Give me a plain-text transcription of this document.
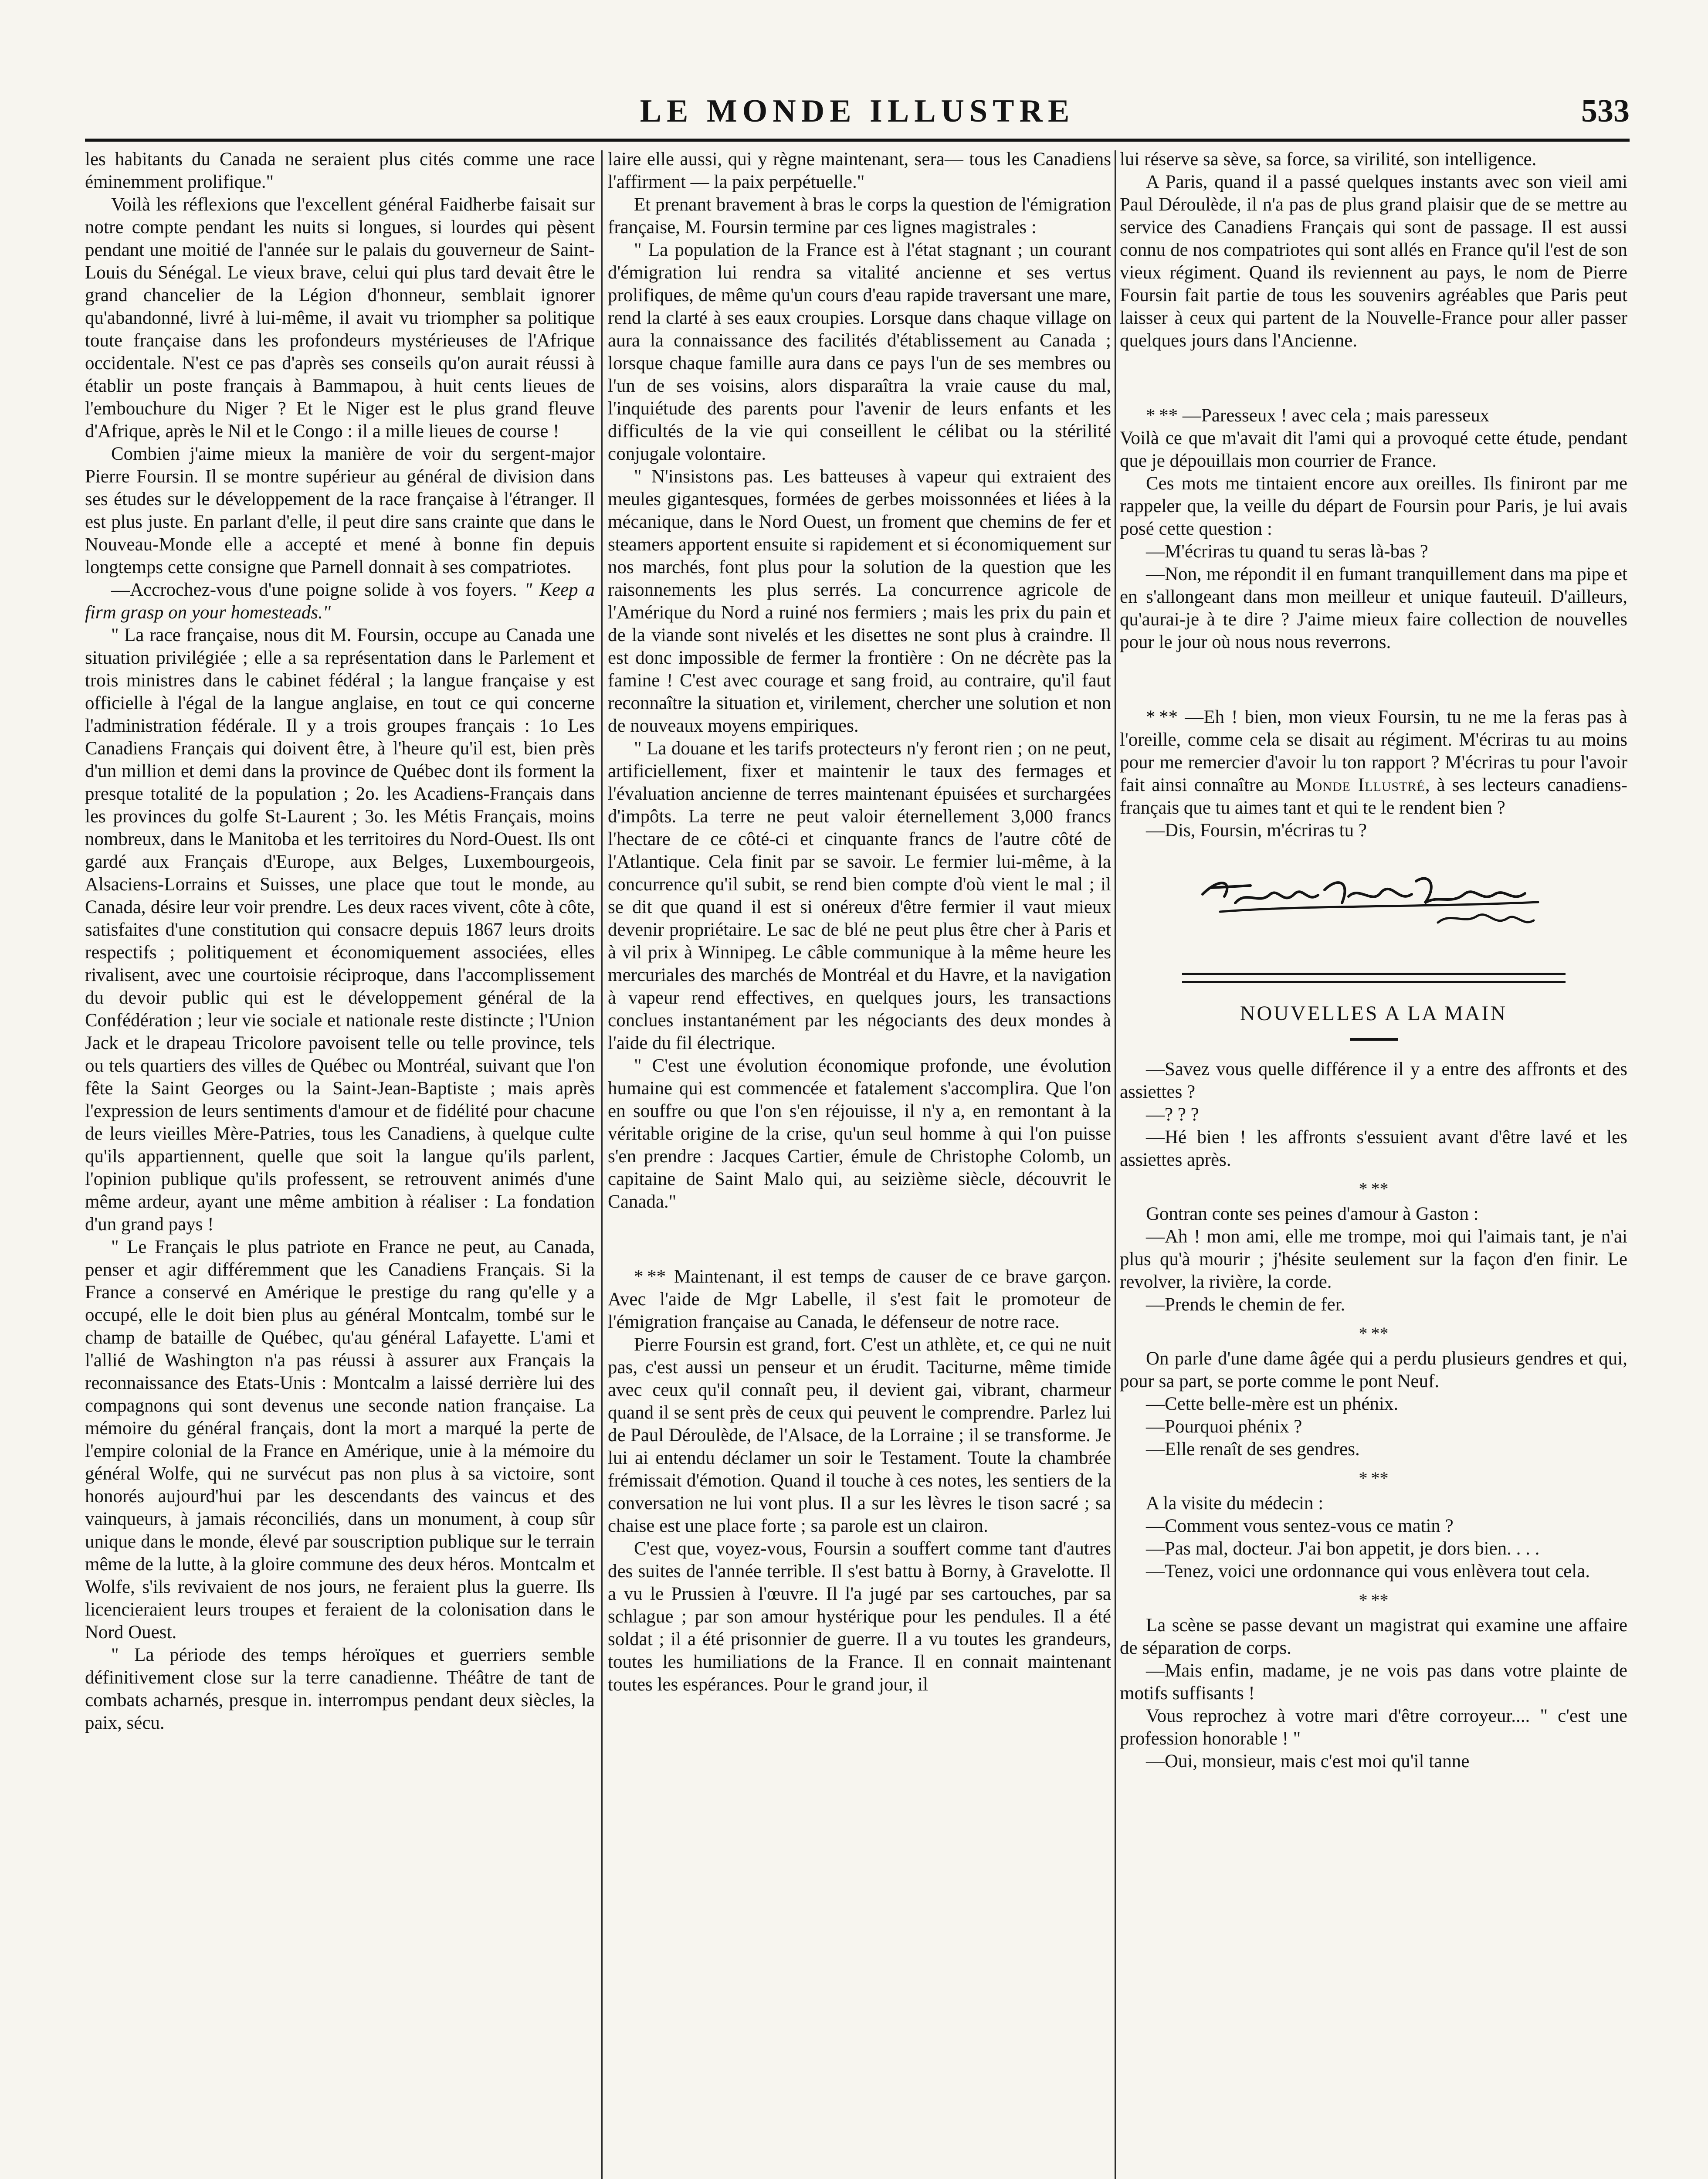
LE MONDE ILLUSTRE	533

les habitants du Canada ne seraient plus cités comme une race éminemment prolifique."

Voilà les réflexions que l'excellent général Faidherbe faisait sur notre compte pendant les nuits si longues, si lourdes qui pèsent pendant une moitié de l'année sur le palais du gouverneur de Saint-Louis du Sénégal. Le vieux brave, celui qui plus tard devait être le grand chancelier de la Légion d'honneur, semblait ignorer qu'abandonné, livré à lui-même, il avait vu triompher sa politique toute française dans les profondeurs mystérieuses de l'Afrique occidentale. N'est ce pas d'après ses conseils qu'on aurait réussi à établir un poste français à Bammapou, à huit cents lieues de l'embouchure du Niger ? Et le Niger est le plus grand fleuve d'Afrique, après le Nil et le Congo : il a mille lieues de course !

Combien j'aime mieux la manière de voir du sergent-major Pierre Foursin. Il se montre supérieur au général de division dans ses études sur le développement de la race française à l'étranger. Il est plus juste. En parlant d'elle, il peut dire sans crainte que dans le Nouveau-Monde elle a accepté et mené à bonne fin depuis longtemps cette consigne que Parnell donnait à ses compatriotes.

—Accrochez-vous d'une poigne solide à vos foyers. " Keep a firm grasp on your homesteads."

" La race française, nous dit M. Foursin, occupe au Canada une situation privilégiée ; elle a sa représentation dans le Parlement et trois ministres dans le cabinet fédéral ; la langue française y est officielle à l'égal de la langue anglaise, en tout ce qui concerne l'administration fédérale. Il y a trois groupes français : 1o Les Canadiens Français qui doivent être, à l'heure qu'il est, bien près d'un million et demi dans la province de Québec dont ils forment la presque totalité de la population ; 2o. les Acadiens-Français dans les provinces du golfe St-Laurent ; 3o. les Métis Français, moins nombreux, dans le Manitoba et les territoires du Nord-Ouest. Ils ont gardé aux Français d'Europe, aux Belges, Luxembourgeois, Alsaciens-Lorrains et Suisses, une place que tout le monde, au Canada, désire leur voir prendre. Les deux races vivent, côte à côte, satisfaites d'une constitution qui consacre depuis 1867 leurs droits respectifs ; politiquement et économiquement associées, elles rivalisent, avec une courtoisie réciproque, dans l'accomplissement du devoir public qui est le développement général de la Confédération ; leur vie sociale et nationale reste distincte ; l'Union Jack et le drapeau Tricolore pavoisent telle ou telle province, tels ou tels quartiers des villes de Québec ou Montréal, suivant que l'on fête la Saint Georges ou la Saint-Jean-Baptiste ; mais après l'expression de leurs sentiments d'amour et de fidélité pour chacune de leurs vieilles Mère-Patries, tous les Canadiens, à quelque culte qu'ils appartiennent, quelle que soit la langue qu'ils parlent, l'opinion publique qu'ils professent, se retrouvent animés d'une même ardeur, ayant une même ambition à réaliser : La fondation d'un grand pays !

" Le Français le plus patriote en France ne peut, au Canada, penser et agir différemment que les Canadiens Français. Si la France a conservé en Amérique le prestige du rang qu'elle y a occupé, elle le doit bien plus au général Montcalm, tombé sur le champ de bataille de Québec, qu'au général Lafayette. L'ami et l'allié de Washington n'a pas réussi à assurer aux Français la reconnaissance des Etats-Unis : Montcalm a laissé derrière lui des compagnons qui sont devenus une seconde nation française. La mémoire du général français, dont la mort a marqué la perte de l'empire colonial de la France en Amérique, unie à la mémoire du général Wolfe, qui ne survécut pas non plus à sa victoire, sont honorés aujourd'hui par les descendants des vaincus et des vainqueurs, à jamais réconciliés, dans un monument, à coup sûr unique dans le monde, élevé par souscription publique sur le terrain même de la lutte, à la gloire commune des deux héros. Montcalm et Wolfe, s'ils revivaient de nos jours, ne feraient plus la guerre. Ils licencieraient leurs troupes et feraient de la colonisation dans le Nord Ouest.

" La période des temps héroïques et guerriers semble définitivement close sur la terre canadienne. Théâtre de tant de combats acharnés, presque in. interrompus pendant deux siècles, la paix, sécu.

laire elle aussi, qui y règne maintenant, sera— tous les Canadiens l'affirment — la paix perpétuelle."

Et prenant bravement à bras le corps la question de l'émigration française, M. Foursin termine par ces lignes magistrales :

" La population de la France est à l'état stagnant ; un courant d'émigration lui rendra sa vitalité ancienne et ses vertus prolifiques, de même qu'un cours d'eau rapide traversant une mare, rend la clarté à ses eaux croupies. Lorsque dans chaque village on aura la connaissance des facilités d'établissement au Canada ; lorsque chaque famille aura dans ce pays l'un de ses membres ou l'un de ses voisins, alors disparaîtra la vraie cause du mal, l'inquiétude des parents pour l'avenir de leurs enfants et les difficultés de la vie qui conseillent le célibat ou la stérilité conjugale volontaire.

" N'insistons pas. Les batteuses à vapeur qui extraient des meules gigantesques, formées de gerbes moissonnées et liées à la mécanique, dans le Nord Ouest, un froment que chemins de fer et steamers apportent ensuite si rapidement et si économiquement sur nos marchés, font plus pour la solution de la question que les raisonnements les plus serrés. La concurrence agricole de l'Amérique du Nord a ruiné nos fermiers ; mais les prix du pain et de la viande sont nivelés et les disettes ne sont plus à craindre. Il est donc impossible de fermer la frontière : On ne décrète pas la famine ! C'est avec courage et sang froid, au contraire, qu'il faut reconnaître la situation et, virilement, chercher une solution et non de nouveaux moyens empiriques.

" La douane et les tarifs protecteurs n'y feront rien ; on ne peut, artificiellement, fixer et maintenir le taux des fermages et l'évaluation ancienne de terres maintenant épuisées et surchargées d'impôts. La terre ne peut valoir éternellement 3,000 francs l'hectare de ce côté-ci et cinquante francs de l'autre côté de l'Atlantique. Cela finit par se savoir. Le fermier lui-même, à la concurrence qu'il subit, se rend bien compte d'où vient le mal ; il se dit que quand il est si onéreux d'être fermier il vaut mieux devenir propriétaire. Le sac de blé ne peut plus être cher à Paris et à vil prix à Winnipeg. Le câble communique à la même heure les mercuriales des marchés de Montréal et du Havre, et la navigation à vapeur rend effectives, en quelques jours, les transactions conclues instantanément par les négociants des deux mondes à l'aide du fil électrique.

" C'est une évolution économique profonde, une évolution humaine qui est commencée et fatalement s'accomplira. Que l'on en souffre ou que l'on s'en réjouisse, il n'y a, en remontant à la véritable origine de la crise, qu'un seul homme à qui l'on puisse s'en prendre : Jacques Cartier, émule de Christophe Colomb, un capitaine de Saint Malo qui, au seizième siècle, découvrit le Canada."

* ** Maintenant, il est temps de causer de ce brave garçon. Avec l'aide de Mgr Labelle, il s'est fait le promoteur de l'émigration française au Canada, le défenseur de notre race.

Pierre Foursin est grand, fort. C'est un athlète, et, ce qui ne nuit pas, c'est aussi un penseur et un érudit. Taciturne, même timide avec ceux qu'il connaît peu, il devient gai, vibrant, charmeur quand il se sent près de ceux qui peuvent le comprendre. Parlez lui de Paul Déroulède, de l'Alsace, de la Lorraine ; il se transforme. Je lui ai entendu déclamer un soir le Testament. Toute la chambrée frémissait d'émotion. Quand il touche à ces notes, les sentiers de la conversation ne lui vont plus. Il a sur les lèvres le tison sacré ; sa chaise est une place forte ; sa parole est un clairon.

C'est que, voyez-vous, Foursin a souffert comme tant d'autres des suites de l'année terrible. Il s'est battu à Borny, à Gravelotte. Il a vu le Prussien à l'œuvre. Il l'a jugé par ses cartouches, par sa schlague ; par son amour hystérique pour les pendules. Il a été soldat ; il a été prisonnier de guerre. Il a vu toutes les grandeurs, toutes les humiliations de la France. Il en connait maintenant toutes les espérances. Pour le grand jour, il

lui réserve sa sève, sa force, sa virilité, son intelligence.

A Paris, quand il a passé quelques instants avec son vieil ami Paul Déroulède, il n'a pas de plus grand plaisir que de se mettre au service des Canadiens Français qui sont de passage. Il est aussi connu de nos compatriotes qui sont allés en France qu'il l'est de son vieux régiment. Quand ils reviennent au pays, le nom de Pierre Foursin fait partie de tous les souvenirs agréables que Paris peut laisser à ceux qui partent de la Nouvelle-France pour aller passer quelques jours dans l'Ancienne.

* ** —Paresseux ! avec cela ; mais paresseux

Voilà ce que m'avait dit l'ami qui a provoqué cette étude, pendant que je dépouillais mon courrier de France.

Ces mots me tintaient encore aux oreilles. Ils finiront par me rappeler que, la veille du départ de Foursin pour Paris, je lui avais posé cette question :

—M'écriras tu quand tu seras là-bas ?

—Non, me répondit il en fumant tranquillement dans ma pipe et en s'allongeant dans mon meilleur et unique fauteuil. D'ailleurs, qu'aurai-je à te dire ? J'aime mieux faire collection de nouvelles pour le jour où nous nous reverrons.

* ** —Eh ! bien, mon vieux Foursin, tu ne me la feras pas à l'oreille, comme cela se disait au régiment. M'écriras tu au moins pour me remercier d'avoir lu ton rapport ? M'écriras tu pour l'avoir fait ainsi connaître au Monde Illustré, à ses lecteurs canadiens-français que tu aimes tant et qui te le rendent bien ?

—Dis, Foursin, m'écriras tu ?

NOUVELLES A LA MAIN

—Savez vous quelle différence il y a entre des affronts et des assiettes ?

—? ? ?

—Hé bien ! les affronts s'essuient avant d'être lavé et les assiettes après.

* **

Gontran conte ses peines d'amour à Gaston :

—Ah ! mon ami, elle me trompe, moi qui l'aimais tant, je n'ai plus qu'à mourir ; j'hésite seulement sur la façon d'en finir. Le revolver, la rivière, la corde.

—Prends le chemin de fer.

* **

On parle d'une dame âgée qui a perdu plusieurs gendres et qui, pour sa part, se porte comme le pont Neuf.

—Cette belle-mère est un phénix.

—Pourquoi phénix ?

—Elle renaît de ses gendres.

* **

A la visite du médecin :

—Comment vous sentez-vous ce matin ?

—Pas mal, docteur. J'ai bon appetit, je dors bien. . . .

—Tenez, voici une ordonnance qui vous enlèvera tout cela.

* **

La scène se passe devant un magistrat qui examine une affaire de séparation de corps.

—Mais enfin, madame, je ne vois pas dans votre plainte de motifs suffisants !

Vous reprochez à votre mari d'être corroyeur.... " c'est une profession honorable ! "

—Oui, monsieur, mais c'est moi qu'il tanne
